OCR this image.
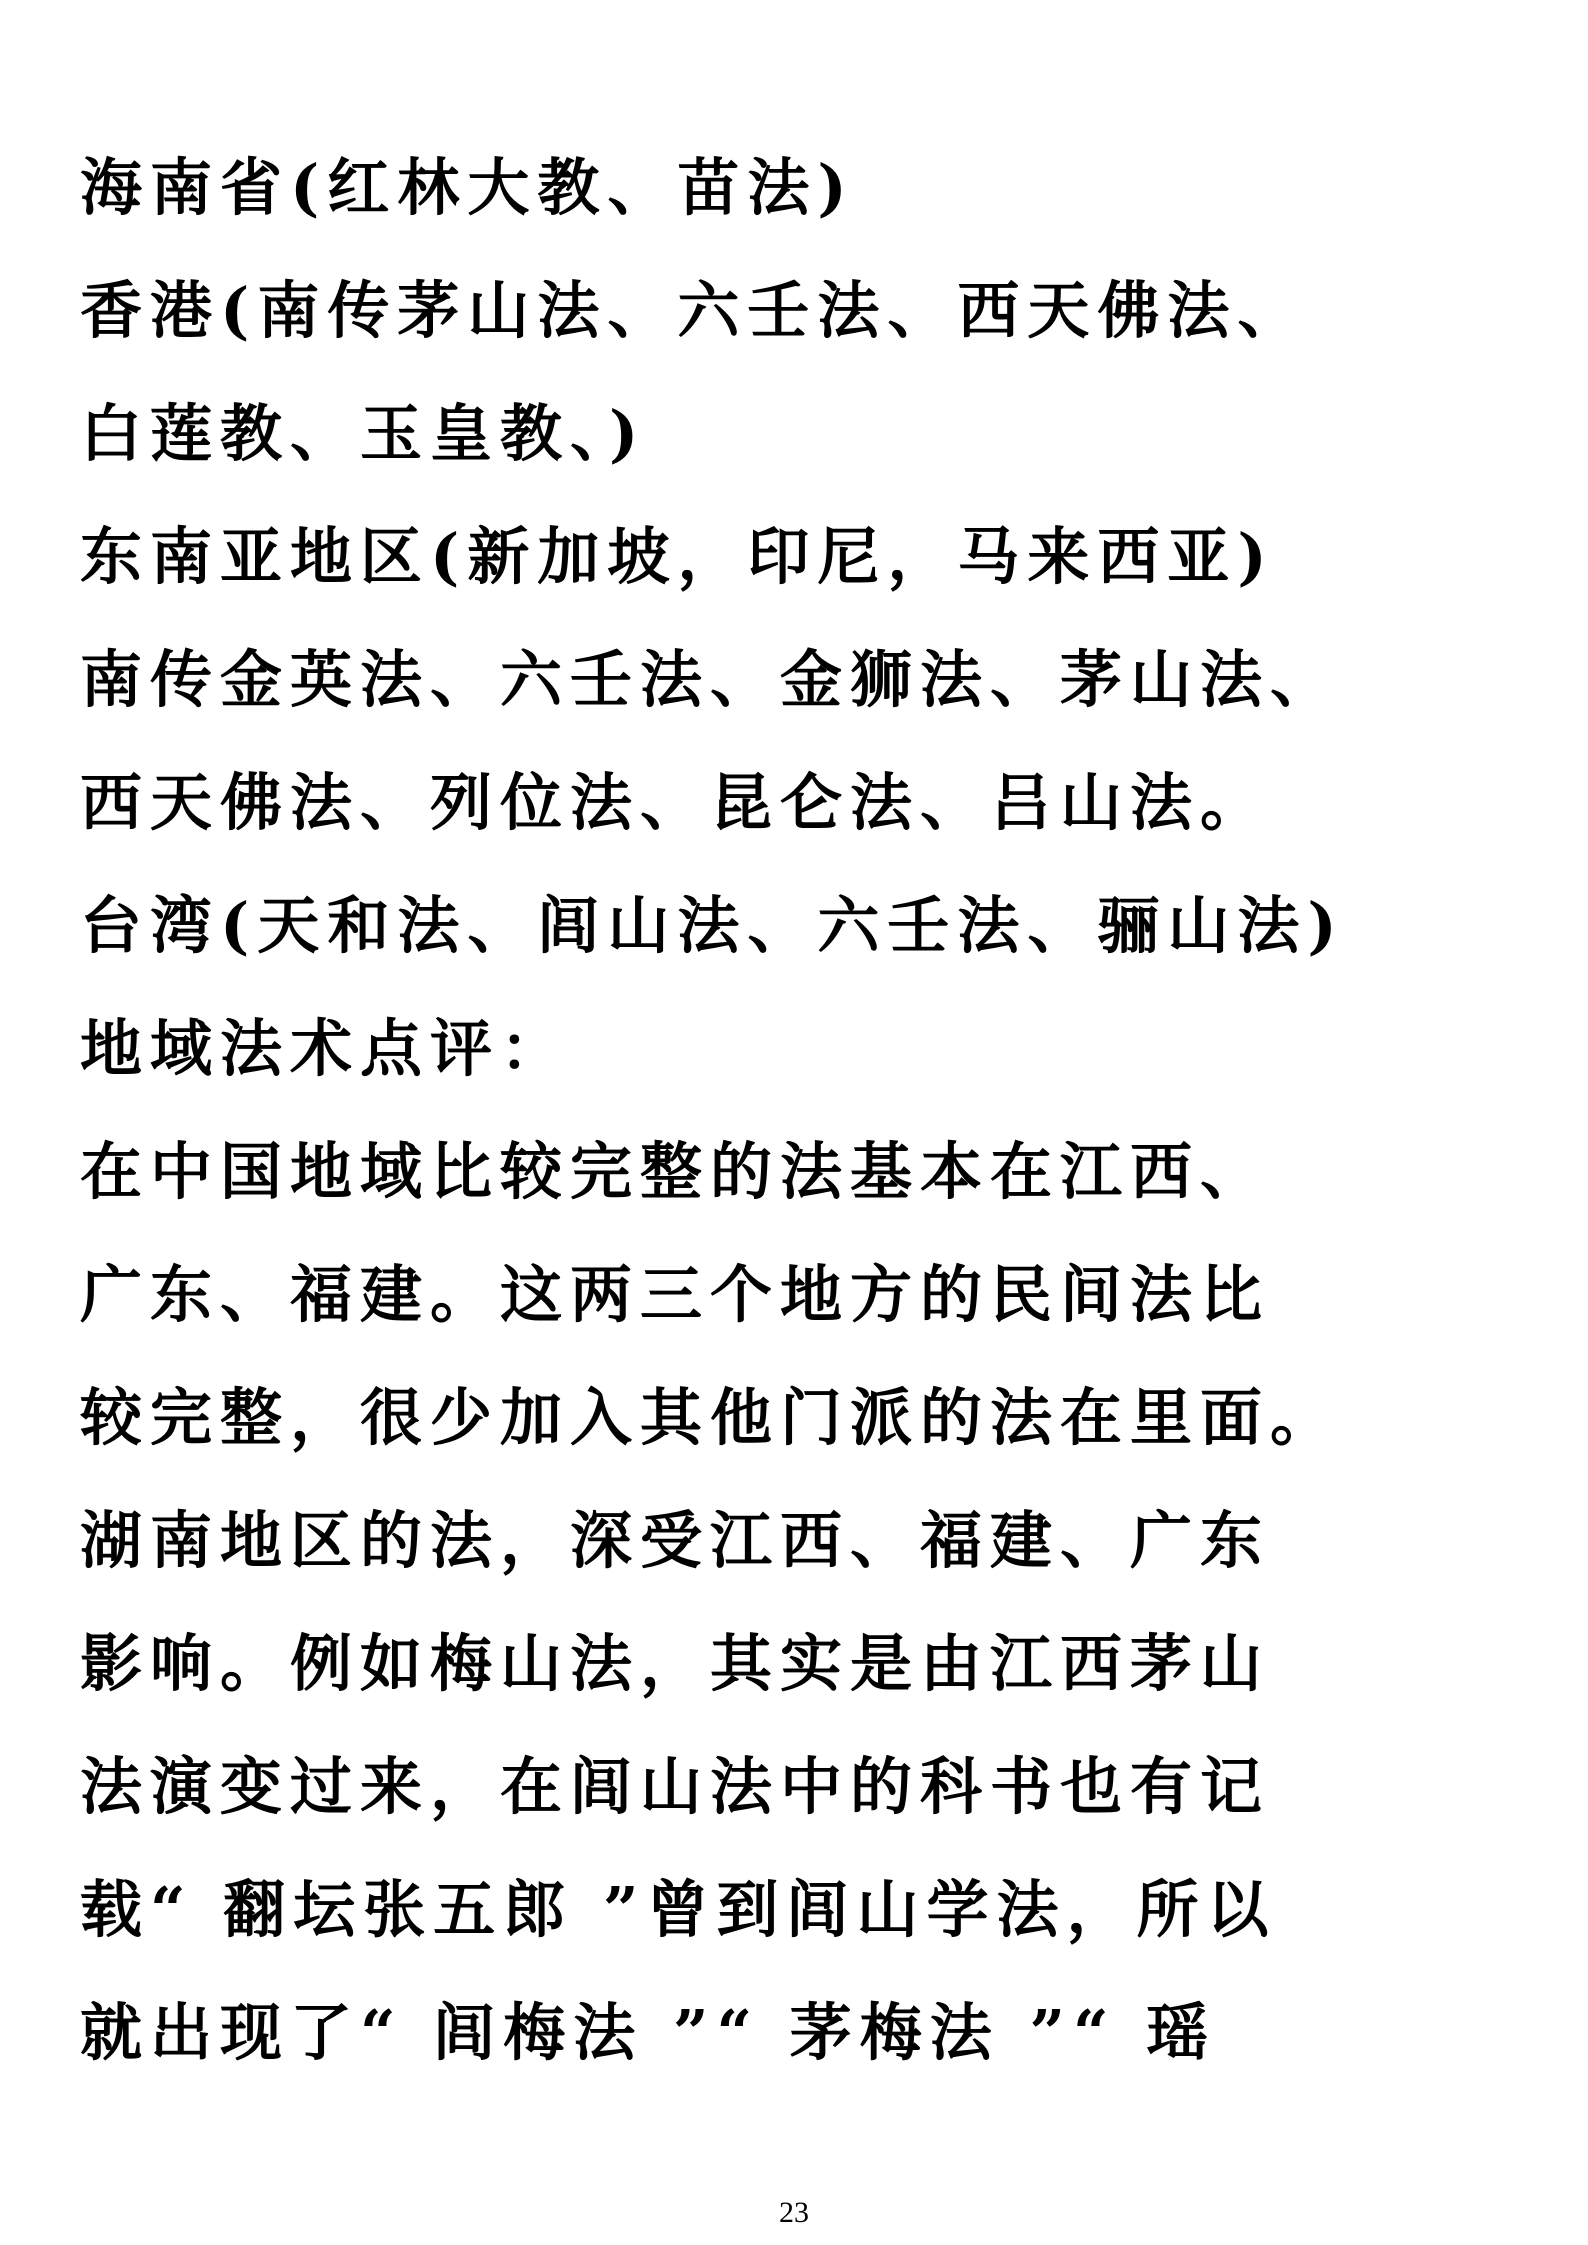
海南省(红林大教、苗法)
香港(南传茅山法、六壬法、西天佛法、
白莲教、玉皇教、)
东南亚地区(新加坡，印尼，马来西亚)
南传金英法、六壬法、金狮法、茅山法、
西天佛法、列位法、昆仑法、吕山法。
台湾(天和法、闾山法、六壬法、骊山法)
地域法术点评：
在中国地域比较完整的法基本在江西、
广东、福建。这两三个地方的民间法比
较完整，很少加入其他门派的法在里面。
湖南地区的法，深受江西、福建、广东
影响。例如梅山法，其实是由江西茅山
法演变过来，在闾山法中的科书也有记
载“ 翻坛张五郎 ”曾到闾山学法，所以
就出现了“ 闾梅法 ”“ 茅梅法 ”“ 瑶
23
